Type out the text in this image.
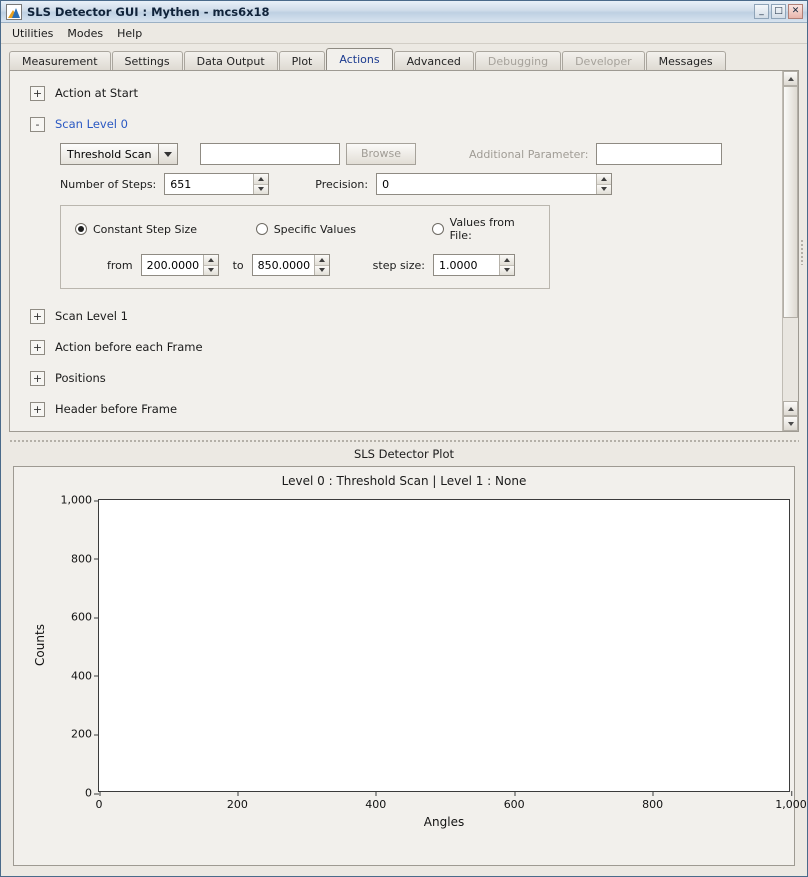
SLS Detector GUI : Mythen - mcs6x18	_	□ ✕
Utilities	Modes	Help
Measurement	Settings	Data Output	Plot	Actions	Advanced	Debugging	Developer	Messages
+ Action at Start
-	Scan Level 0
Threshold Scan	Browse	Additional Parameter:
Number of Steps:	651	Precision:	0
Constant Step Size	Specific Values	Values from File:
from	200.0000	to	850.0000	step size:	1.0000
+ Scan Level 1
+ Action before each Frame
+ Positions
+ Header before Frame
SLS Detector Plot
Level 0 : Threshold Scan | Level 1 : None
Counts
Angles
0
200
400
600
800
1,000
0	200	400	600	800	1,000
